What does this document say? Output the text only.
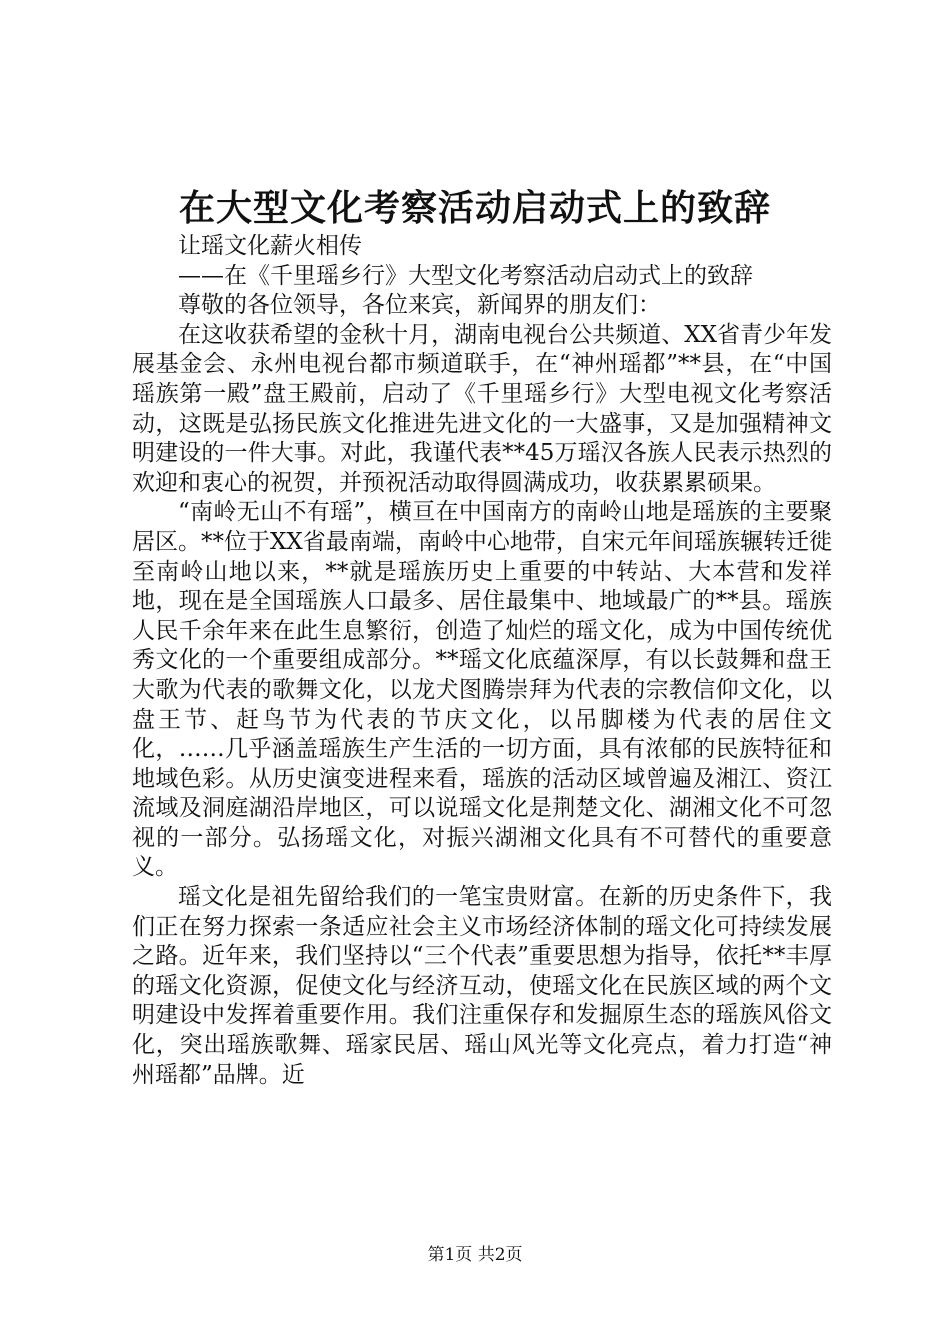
在大型文化考察活动启动式上的致辞

让瑶文化薪火相传

——在《千里瑶乡行》大型文化考察活动启动式上的致辞

尊敬的各位领导，各位来宾，新闻界的朋友们：

在这收获希望的金秋十月，湖南电视台公共频道、XX省青少年发展基金会、永州电视台都市频道联手，在“神州瑶都”**县，在“中国瑶族第一殿”盘王殿前，启动了《千里瑶乡行》大型电视文化考察活动，这既是弘扬民族文化推进先进文化的一大盛事，又是加强精神文明建设的一件大事。对此，我谨代表**45万瑶汉各族人民表示热烈的欢迎和衷心的祝贺，并预祝活动取得圆满成功，收获累累硕果。

“南岭无山不有瑶”，横亘在中国南方的南岭山地是瑶族的主要聚居区。**位于XX省最南端，南岭中心地带，自宋元年间瑶族辗转迁徙至南岭山地以来，**就是瑶族历史上重要的中转站、大本营和发祥地，现在是全国瑶族人口最多、居住最集中、地域最广的**县。瑶族人民千余年来在此生息繁衍，创造了灿烂的瑶文化，成为中国传统优秀文化的一个重要组成部分。**瑶文化底蕴深厚，有以长鼓舞和盘王大歌为代表的歌舞文化，以龙犬图腾崇拜为代表的宗教信仰文化，以盘王节、赶鸟节为代表的节庆文化，以吊脚楼为代表的居住文化，……几乎涵盖瑶族生产生活的一切方面，具有浓郁的民族特征和地域色彩。从历史演变进程来看，瑶族的活动区域曾遍及湘江、资江流域及洞庭湖沿岸地区，可以说瑶文化是荆楚文化、湖湘文化不可忽视的一部分。弘扬瑶文化，对振兴湖湘文化具有不可替代的重要意义。

瑶文化是祖先留给我们的一笔宝贵财富。在新的历史条件下，我们正在努力探索一条适应社会主义市场经济体制的瑶文化可持续发展之路。近年来，我们坚持以“三个代表”重要思想为指导，依托**丰厚的瑶文化资源，促使文化与经济互动，使瑶文化在民族区域的两个文明建设中发挥着重要作用。我们注重保存和发掘原生态的瑶族风俗文化，突出瑶族歌舞、瑶家民居、瑶山风光等文化亮点，着力打造“神州瑶都”品牌。近

第1页 共2页
